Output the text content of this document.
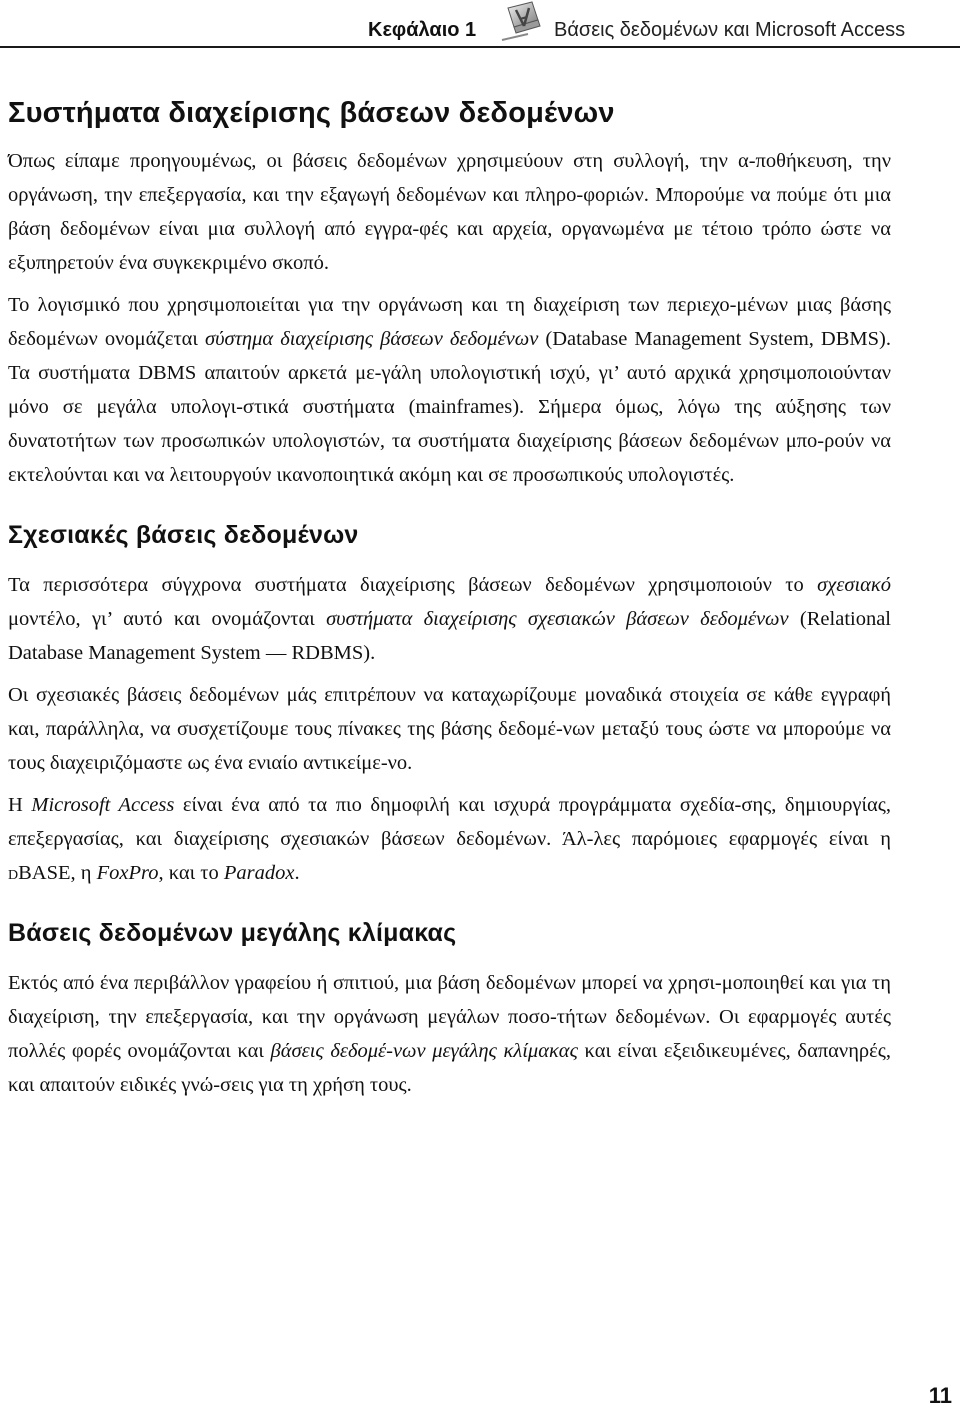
Κεφάλαιο 1	Βάσεις δεδομένων και Microsoft Access
Συστήματα διαχείρισης βάσεων δεδομένων

Όπως είπαμε προηγουμένως, οι βάσεις δεδομένων χρησιμεύουν στη συλλογή, την α-ποθήκευση, την οργάνωση, την επεξεργασία, και την εξαγωγή δεδομένων και πληρο-φοριών. Μπορούμε να πούμε ότι μια βάση δεδομένων είναι μια συλλογή από εγγρα-φές και αρχεία, οργανωμένα με τέτοιο τρόπο ώστε να εξυπηρετούν ένα συγκεκριμένο σκοπό.

Το λογισμικό που χρησιμοποιείται για την οργάνωση και τη διαχείριση των περιεχο-μένων μιας βάσης δεδομένων ονομάζεται σύστημα διαχείρισης βάσεων δεδομένων (Database Management System, DBMS). Τα συστήματα DBMS απαιτούν αρκετά με-γάλη υπολογιστική ισχύ, γι’ αυτό αρχικά χρησιμοποιούνταν μόνο σε μεγάλα υπολογι-στικά συστήματα (mainframes). Σήμερα όμως, λόγω της αύξησης των δυνατοτήτων των προσωπικών υπολογιστών, τα συστήματα διαχείρισης βάσεων δεδομένων μπο-ρούν να εκτελούνται και να λειτουργούν ικανοποιητικά ακόμη και σε προσωπικούς υπολογιστές.

Σχεσιακές βάσεις δεδομένων

Τα περισσότερα σύγχρονα συστήματα διαχείρισης βάσεων δεδομένων χρησιμοποιούν το σχεσιακό μοντέλο, γι’ αυτό και ονομάζονται συστήματα διαχείρισης σχεσιακών βάσεων δεδομένων (Relational Database Management System — RDBMS).

Οι σχεσιακές βάσεις δεδομένων μάς επιτρέπουν να καταχωρίζουμε μοναδικά στοιχεία σε κάθε εγγραφή και, παράλληλα, να συσχετίζουμε τους πίνακες της βάσης δεδομέ-νων μεταξύ τους ώστε να μπορούμε να τους διαχειριζόμαστε ως ένα ενιαίο αντικείμε-νο.

Η Microsoft Access είναι ένα από τα πιο δημοφιλή και ισχυρά προγράμματα σχεδία-σης, δημιουργίας, επεξεργασίας, και διαχείρισης σχεσιακών βάσεων δεδομένων. Άλ-λες παρόμοιες εφαρμογές είναι η dBASE, η FoxPro, και το Paradox.

Βάσεις δεδομένων μεγάλης κλίμακας

Εκτός από ένα περιβάλλον γραφείου ή σπιτιού, μια βάση δεδομένων μπορεί να χρησι-μοποιηθεί και για τη διαχείριση, την επεξεργασία, και την οργάνωση μεγάλων ποσο-τήτων δεδομένων. Οι εφαρμογές αυτές πολλές φορές ονομάζονται και βάσεις δεδομέ-νων μεγάλης κλίμακας και είναι εξειδικευμένες, δαπανηρές, και απαιτούν ειδικές γνώ-σεις για τη χρήση τους.

11
